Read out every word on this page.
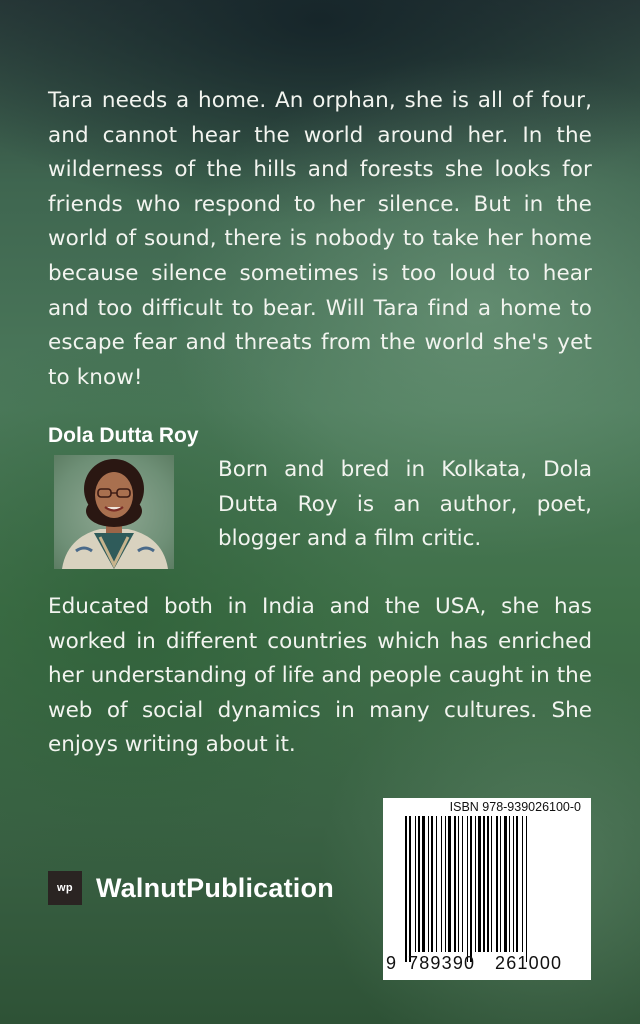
Tara needs a home. An orphan, she is all of four, and cannot hear the world around her. In the wilderness of the hills and forests she looks for friends who respond to her silence. But in the world of sound, there is nobody to take her home because silence sometimes is too loud to hear and too difficult to bear. Will Tara find a home to escape fear and threats from the world she's yet to know!

Dola Dutta Roy

Born and bred in Kolkata, Dola Dutta Roy is an author, poet, blogger and a film critic.

Educated both in India and the USA, she has worked in different countries which has enriched her understanding of life and people caught in the web of social dynamics in many cultures. She enjoys writing about it.

wp WalnutPublication
ISBN 978-939026100-0
9 789390 261000
